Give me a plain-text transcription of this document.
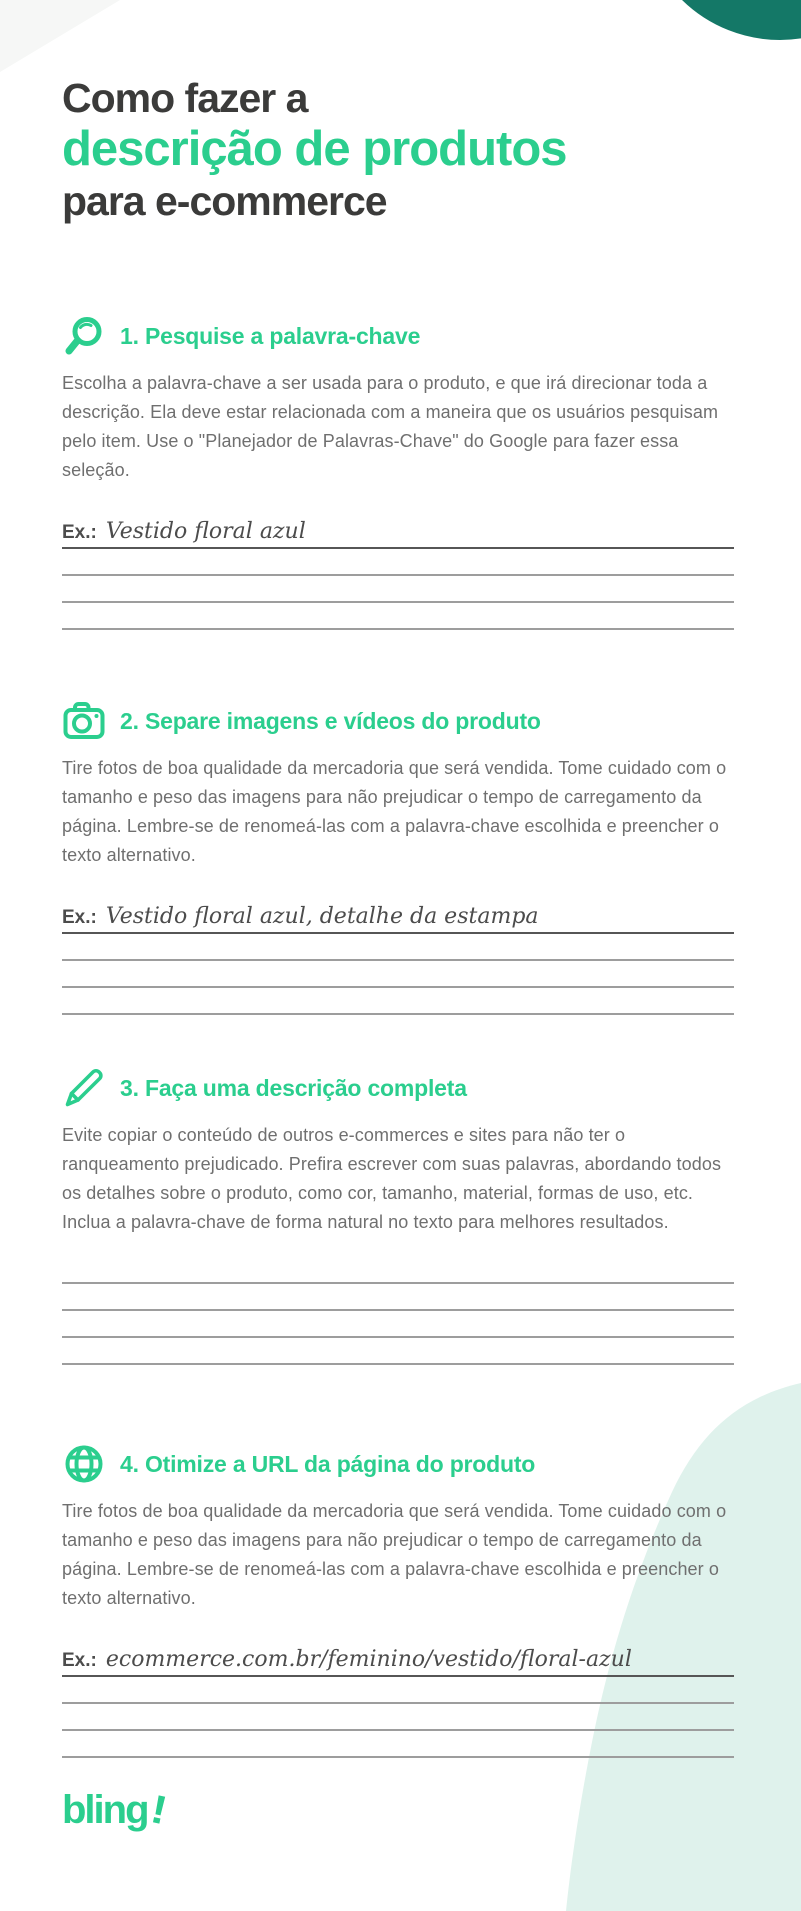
Como fazer a
descrição de produtos
para e-commerce
1. Pesquise a palavra-chave

Escolha a palavra-chave a ser usada para o produto, e que irá direcionar toda a descrição. Ela deve estar relacionada com a maneira que os usuários pesquisam pelo item. Use o "Planejador de Palavras-Chave" do Google para fazer essa seleção.

Ex.: Vestido floral azul
2. Separe imagens e vídeos do produto

Tire fotos de boa qualidade da mercadoria que será vendida. Tome cuidado com o tamanho e peso das imagens para não prejudicar o tempo de carregamento da página. Lembre-se de renomeá-las com a palavra-chave escolhida e preencher o texto alternativo.

Ex.: Vestido floral azul, detalhe da estampa
3. Faça uma descrição completa

Evite copiar o conteúdo de outros e-commerces e sites para não ter o ranqueamento prejudicado. Prefira escrever com suas palavras, abordando todos os detalhes sobre o produto, como cor, tamanho, material, formas de uso, etc. Inclua a palavra-chave de forma natural no texto para melhores resultados.

4. Otimize a URL da página do produto

Tire fotos de boa qualidade da mercadoria que será vendida. Tome cuidado com o tamanho e peso das imagens para não prejudicar o tempo de carregamento da página. Lembre-se de renomeá-las com a palavra-chave escolhida e preencher o texto alternativo.

Ex.: ecommerce.com.br/feminino/vestido/floral-azul
bling!
